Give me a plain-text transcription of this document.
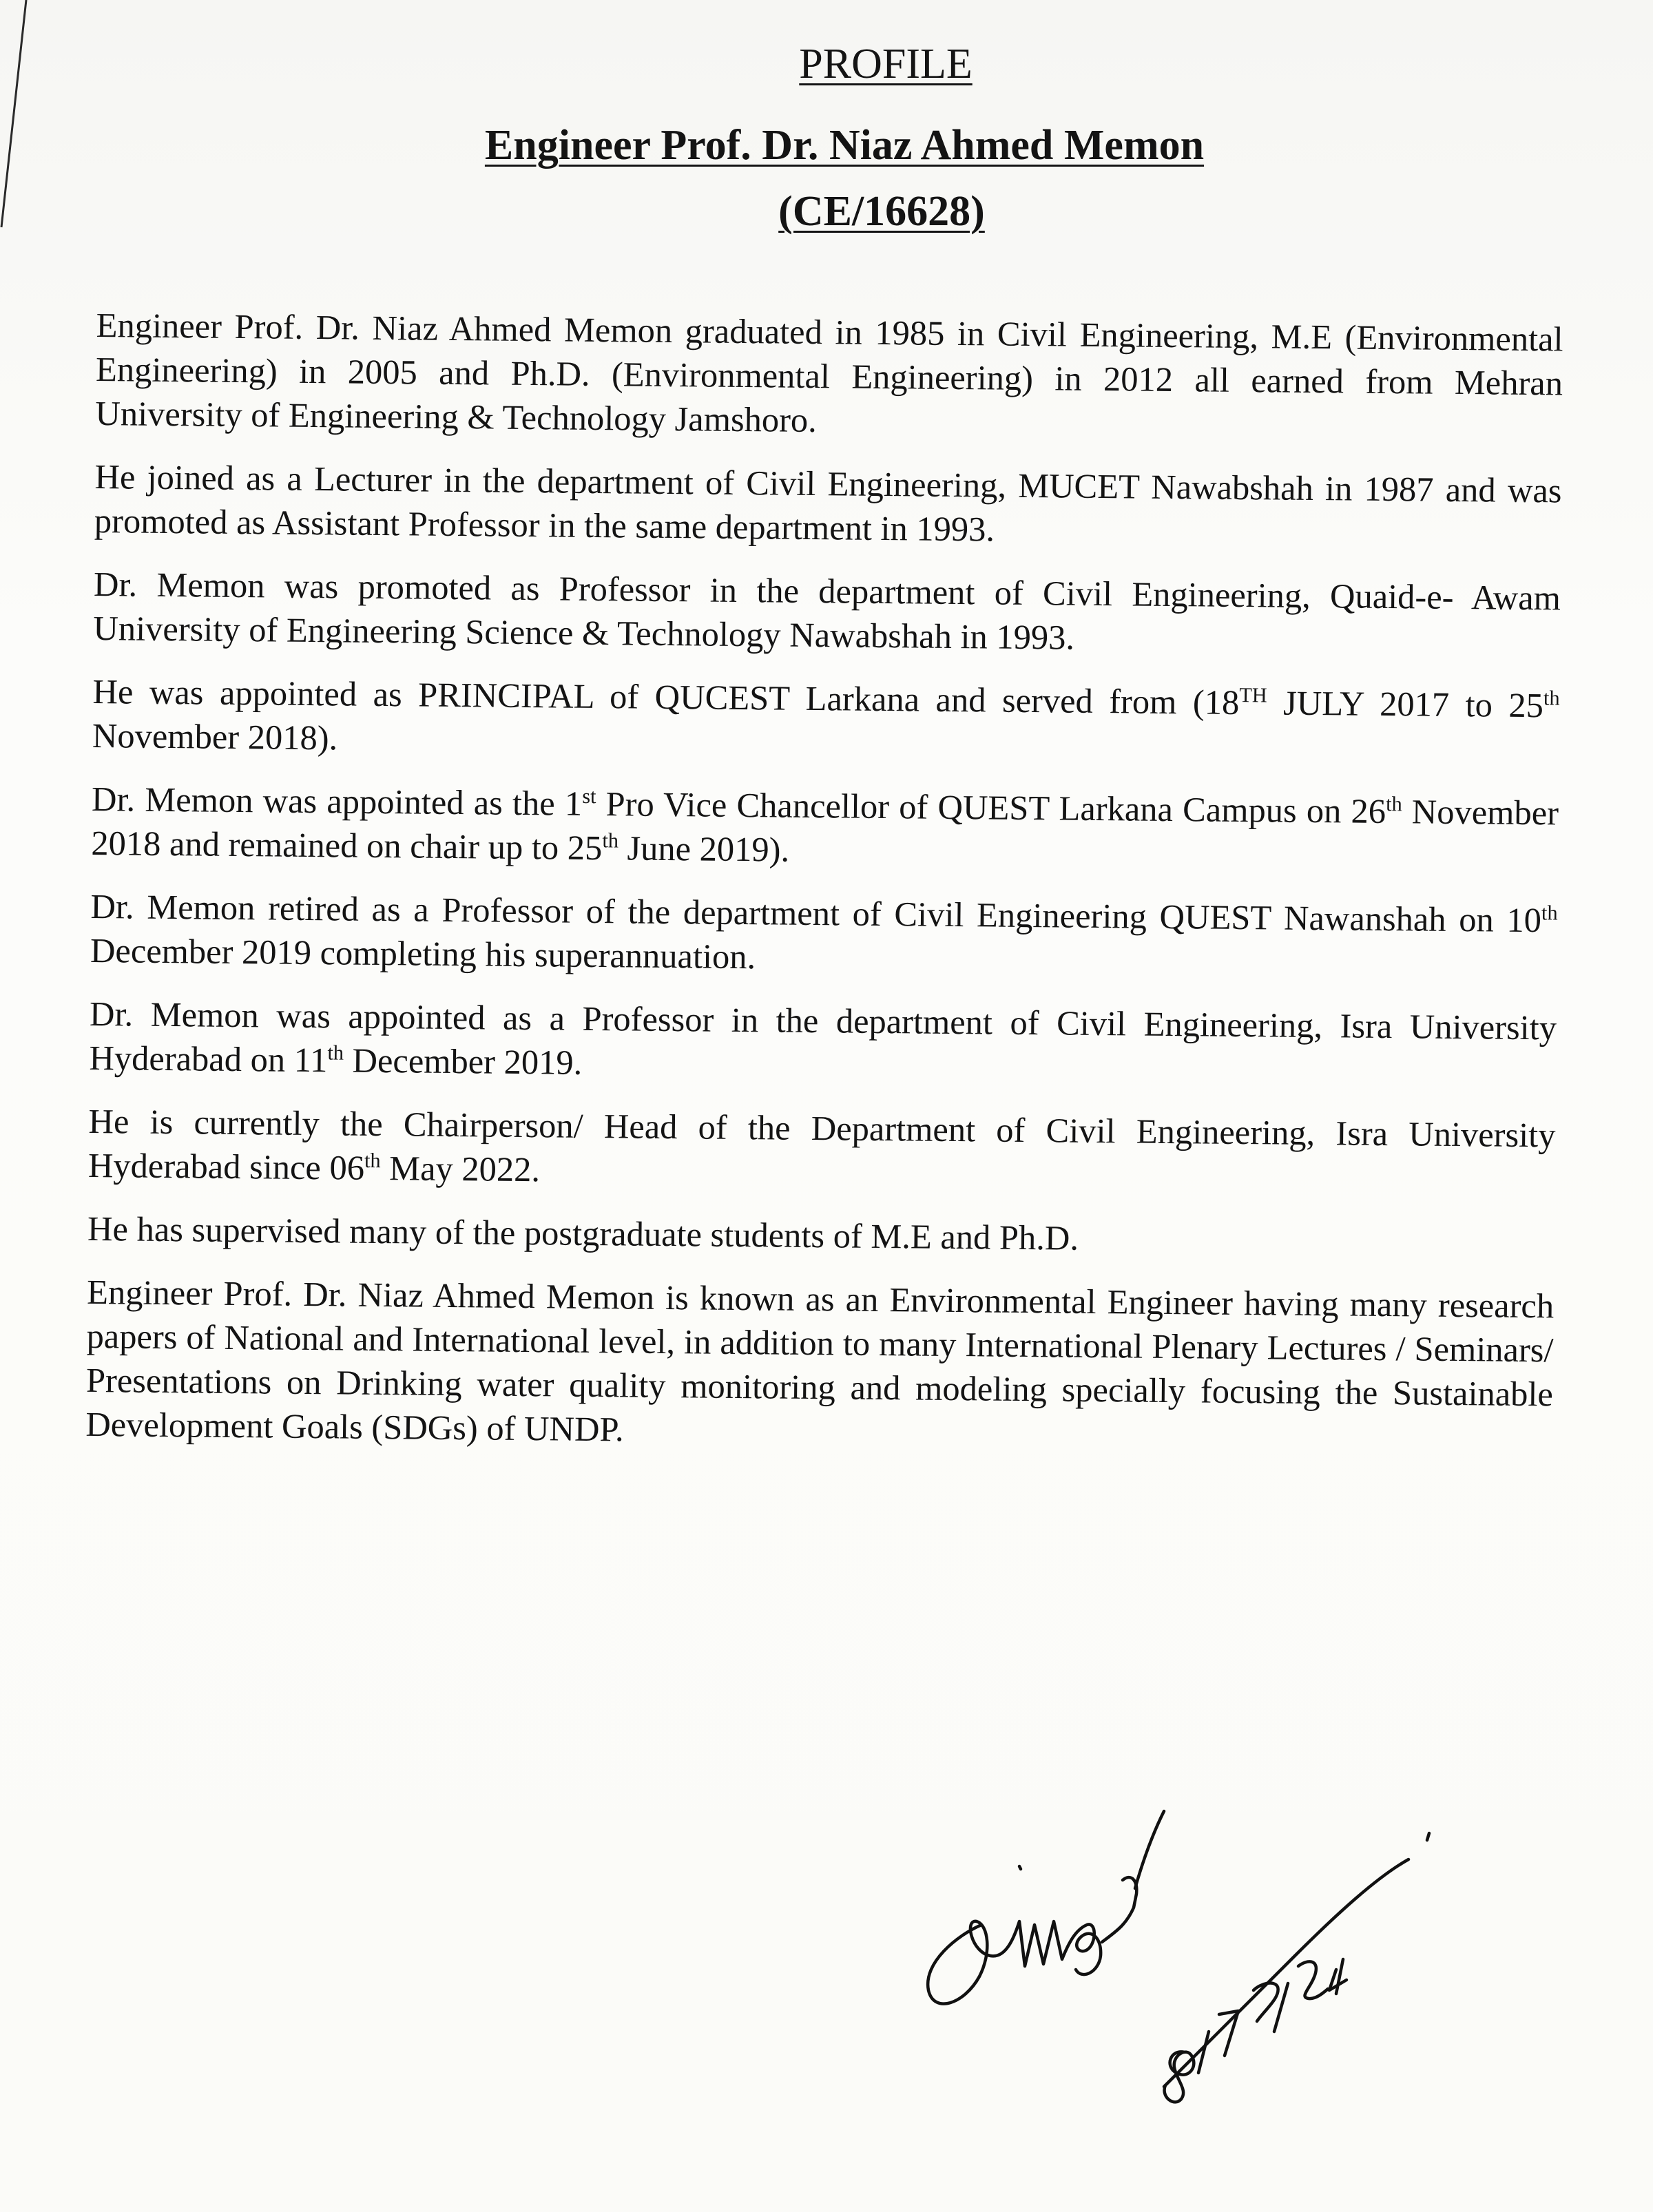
PROFILE
Engineer Prof. Dr. Niaz Ahmed Memon
(CE/16628)

Engineer Prof. Dr. Niaz Ahmed Memon graduated in 1985 in Civil Engineering, M.E (Environmental Engineering) in 2005 and Ph.D. (Environmental Engineering) in 2012 all earned from Mehran University of Engineering & Technology Jamshoro.

He joined as a Lecturer in the department of Civil Engineering, MUCET Nawabshah in 1987 and was promoted as Assistant Professor in the same department in 1993.

Dr. Memon was promoted as Professor in the department of Civil Engineering, Quaid-e- Awam University of Engineering Science & Technology Nawabshah in 1993.

He was appointed as PRINCIPAL of QUCEST Larkana and served from (18TH JULY 2017 to 25th November 2018).

Dr. Memon was appointed as the 1st Pro Vice Chancellor of QUEST Larkana Campus on 26th November 2018 and remained on chair up to 25th June 2019).

Dr. Memon retired as a Professor of the department of Civil Engineering QUEST Nawanshah on 10th December 2019 completing his superannuation.

Dr. Memon was appointed as a Professor in the department of Civil Engineering, Isra University Hyderabad on 11th December 2019.

He is currently the Chairperson/ Head of the Department of Civil Engineering, Isra University Hyderabad since 06th May 2022.

He has supervised many of the postgraduate students of M.E and Ph.D.

Engineer Prof. Dr. Niaz Ahmed Memon is known as an Environmental Engineer having many research papers of National and International level, in addition to many International Plenary Lectures / Seminars/ Presentations on Drinking water quality monitoring and modeling specially focusing the Sustainable Development Goals (SDGs) of UNDP.
